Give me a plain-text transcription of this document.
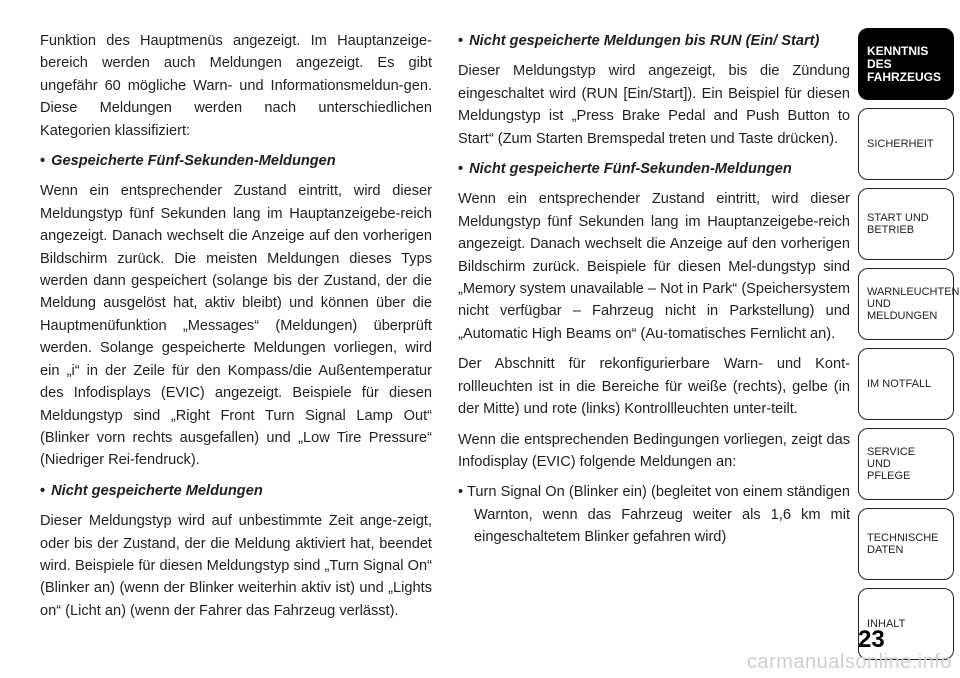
Funktion des Hauptmenüs angezeigt. Im Hauptanzeige-bereich werden auch Meldungen angezeigt. Es gibt ungefähr 60 mögliche Warn- und Informationsmeldun-gen. Diese Meldungen werden nach unterschiedlichen Kategorien klassifiziert:

• Gespeicherte Fünf-Sekunden-Meldungen

Wenn ein entsprechender Zustand eintritt, wird dieser Meldungstyp fünf Sekunden lang im Hauptanzeigebe-reich angezeigt. Danach wechselt die Anzeige auf den vorherigen Bildschirm zurück. Die meisten Meldungen dieses Typs werden dann gespeichert (solange bis der Zustand, der die Meldung ausgelöst hat, aktiv bleibt) und können über die Hauptmenüfunktion „Messages“ (Meldungen) überprüft werden. Solange gespeicherte Meldungen vorliegen, wird ein „i“ in der Zeile für den Kompass/die Außentemperatur des Infodisplays (EVIC) angezeigt. Beispiele für diesen Meldungstyp sind „Right Front Turn Signal Lamp Out“ (Blinker vorn rechts ausgefallen) und „Low Tire Pressure“ (Niedriger Rei-fendruck).

• Nicht gespeicherte Meldungen

Dieser Meldungstyp wird auf unbestimmte Zeit ange-zeigt, oder bis der Zustand, der die Meldung aktiviert hat, beendet wird. Beispiele für diesen Meldungstyp sind „Turn Signal On“ (Blinker an) (wenn der Blinker weiterhin aktiv ist) und „Lights on“ (Licht an) (wenn der Fahrer das Fahrzeug verlässt).

• Nicht gespeicherte Meldungen bis RUN (Ein/ Start)

Dieser Meldungstyp wird angezeigt, bis die Zündung eingeschaltet wird (RUN [Ein/Start]). Ein Beispiel für diesen Meldungstyp ist „Press Brake Pedal and Push Button to Start“ (Zum Starten Bremspedal treten und Taste drücken).

• Nicht gespeicherte Fünf-Sekunden-Meldungen

Wenn ein entsprechender Zustand eintritt, wird dieser Meldungstyp fünf Sekunden lang im Hauptanzeigebe-reich angezeigt. Danach wechselt die Anzeige auf den vorherigen Bildschirm zurück. Beispiele für diesen Mel-dungstyp sind „Memory system unavailable – Not in Park“ (Speichersystem nicht verfügbar – Fahrzeug nicht in Parkstellung) und „Automatic High Beams on“ (Au-tomatisches Fernlicht an).

Der Abschnitt für rekonfigurierbare Warn- und Kont-rollleuchten ist in die Bereiche für weiße (rechts), gelbe (in der Mitte) und rote (links) Kontrollleuchten unter-teilt.

Wenn die entsprechenden Bedingungen vorliegen, zeigt das Infodisplay (EVIC) folgende Meldungen an:

• Turn Signal On (Blinker ein) (begleitet von einem ständigen Warnton, wenn das Fahrzeug weiter als 1,6 km mit eingeschaltetem Blinker gefahren wird)

KENNTNIS
DES
FAHRZEUGS
SICHERHEIT
START UND
BETRIEB
WARNLEUCHTEN
UND
MELDUNGEN
IM NOTFALL
SERVICE
UND
PFLEGE
TECHNISCHE
DATEN
INHALT
23
carmanualsonline.info
